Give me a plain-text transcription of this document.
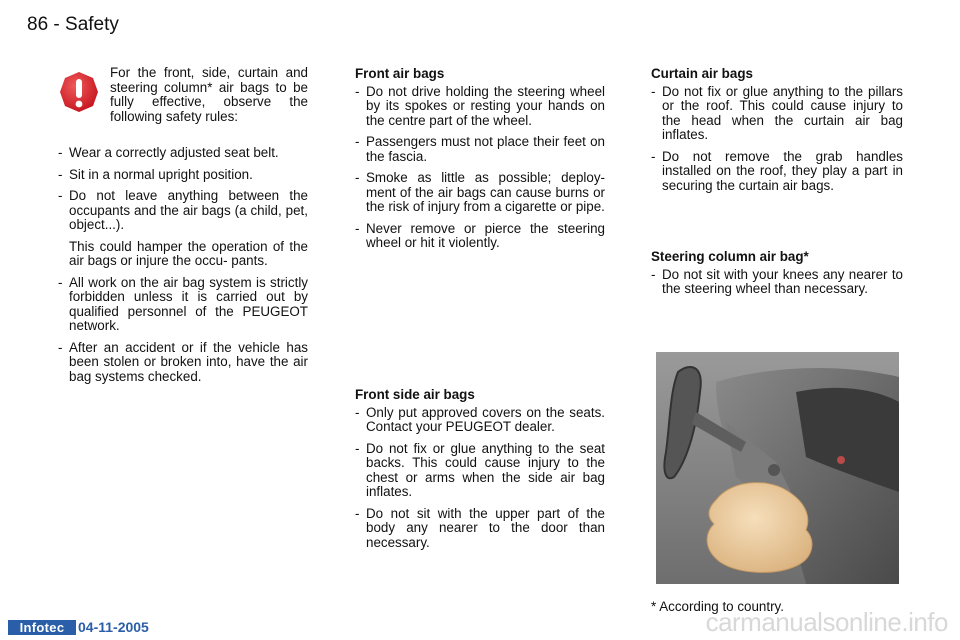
86 - Safety
For the front, side, curtain and steering column* air bags to be fully effective, observe the following safety rules:
- Wear a correctly adjusted seat belt.
- Sit in a normal upright position.
- Do not leave anything between the occupants and the air bags (a child, pet, object...).
This could hamper the operation of the air bags or injure the occu- pants.
- All work on the air bag system is strictly forbidden unless it is carried out by qualified personnel of the PEUGEOT network.
- After an accident or if the vehicle has been stolen or broken into, have the air bag systems checked.
Front air bags
- Do not drive holding the steering wheel by its spokes or resting your hands on the centre part of the wheel.
- Passengers must not place their feet on the fascia.
- Smoke as little as possible; deploy- ment of the air bags can cause burns or the risk of injury from a cigarette or pipe.
- Never remove or pierce the steering wheel or hit it violently.
Front side air bags
- Only put approved covers on the seats. Contact your PEUGEOT dealer.
- Do not fix or glue anything to the seat backs. This could cause injury to the chest or arms when the side air bag inflates.
- Do not sit with the upper part of the body any nearer to the door than necessary.
Curtain air bags
- Do not fix or glue anything to the pillars or the roof. This could cause injury to the head when the curtain air bag inflates.
- Do not remove the grab handles installed on the roof, they play a part in securing the curtain air bags.
Steering column air bag*
- Do not sit with your knees any nearer to the steering wheel than necessary.
* According to country.
Infotec 04-11-2005	carmanualsonline.info
